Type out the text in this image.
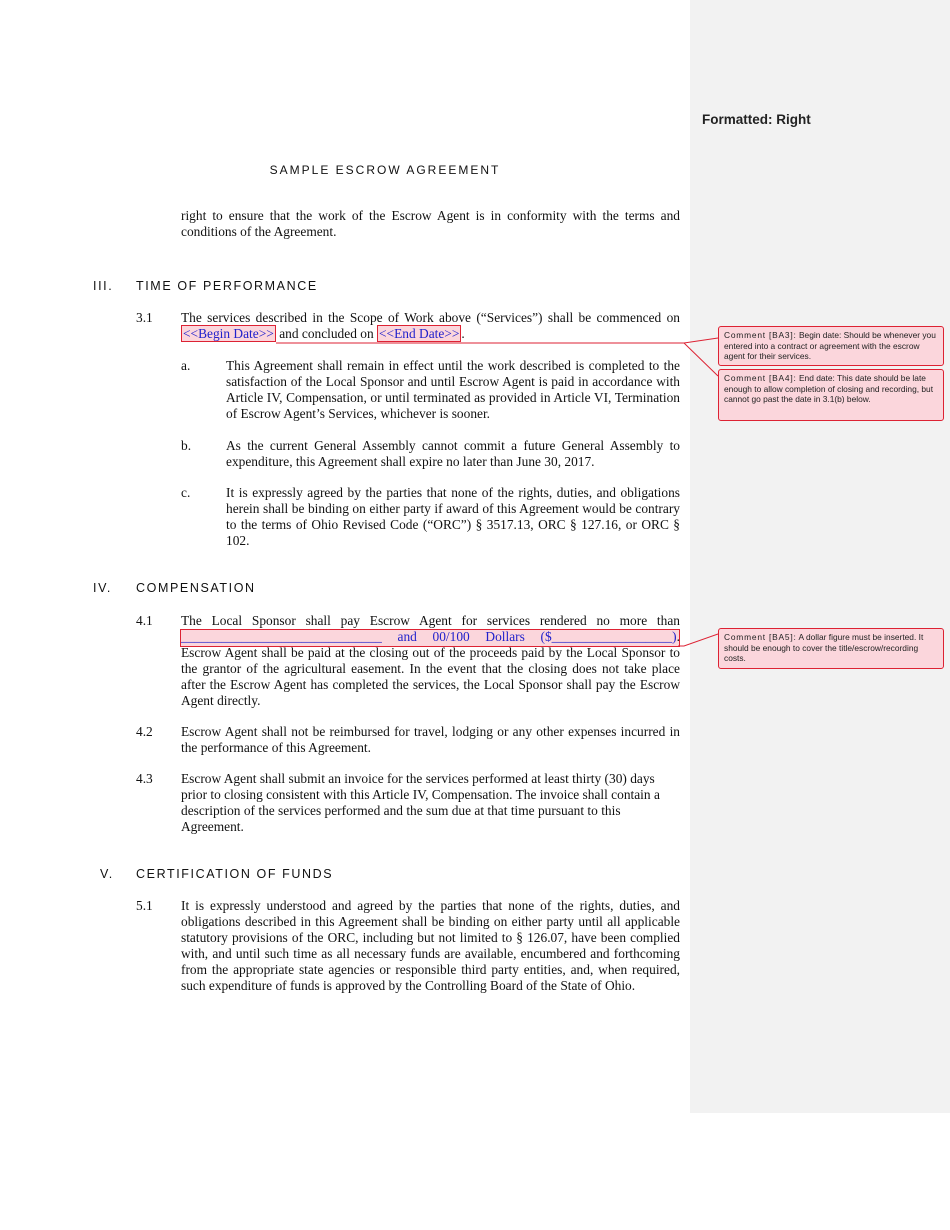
Formatted: Right
SAMPLE ESCROW AGREEMENT
right to ensure that the work of the Escrow Agent is in conformity with the terms and conditions of the Agreement.
III. TIME OF PERFORMANCE
3.1 The services described in the Scope of Work above (“Services”) shall be commenced on
<<Begin Date>> and concluded on <<End Date>> .
a.	This Agreement shall remain in effect until the work described is completed to the satisfaction of the Local Sponsor and until Escrow Agent is paid in accordance with Article IV, Compensation, or until terminated as provided in Article VI, Termination of Escrow Agent’s Services, whichever is sooner.
b.	As the current General Assembly cannot commit a future General Assembly to expenditure, this Agreement shall expire no later than June 30, 2017.
c.	It is expressly agreed by the parties that none of the rights, duties, and obligations herein shall be binding on either party if award of this Agreement would be contrary to the terms of Ohio Revised Code (“ORC”) § 3517.13, ORC § 127.16, or ORC § 102.
IV. COMPENSATION
4.1 The Local Sponsor shall pay Escrow Agent for services rendered no more than
______________________________ and 00/100 Dollars ($__________________).
Escrow Agent shall be paid at the closing out of the proceeds paid by the Local Sponsor to the grantor of the agricultural easement. In the event that the closing does not take place after the Escrow Agent has completed the services, the Local Sponsor shall pay the Escrow Agent directly.
4.2 Escrow Agent shall not be reimbursed for travel, lodging or any other expenses incurred in the performance of this Agreement.
4.3 Escrow Agent shall submit an invoice for the services performed at least thirty (30) days prior to closing consistent with this Article IV, Compensation. The invoice shall contain a description of the services performed and the sum due at that time pursuant to this Agreement.
V. CERTIFICATION OF FUNDS
5.1 It is expressly understood and agreed by the parties that none of the rights, duties, and obligations described in this Agreement shall be binding on either party until all applicable statutory provisions of the ORC, including but not limited to § 126.07, have been complied with, and until such time as all necessary funds are available, encumbered and forthcoming from the appropriate state agencies or responsible third party entities, and, when required, such expenditure of funds is approved by the Controlling Board of the State of Ohio.
Comment [BA3]: Begin date: Should be whenever you entered into a contract or agreement with the escrow agent for their services.
Comment [BA4]: End date: This date should be late enough to allow completion of closing and recording, but cannot go past the date in 3.1(b) below.
Comment [BA5]: A dollar figure must be inserted. It should be enough to cover the title/escrow/recording costs.
